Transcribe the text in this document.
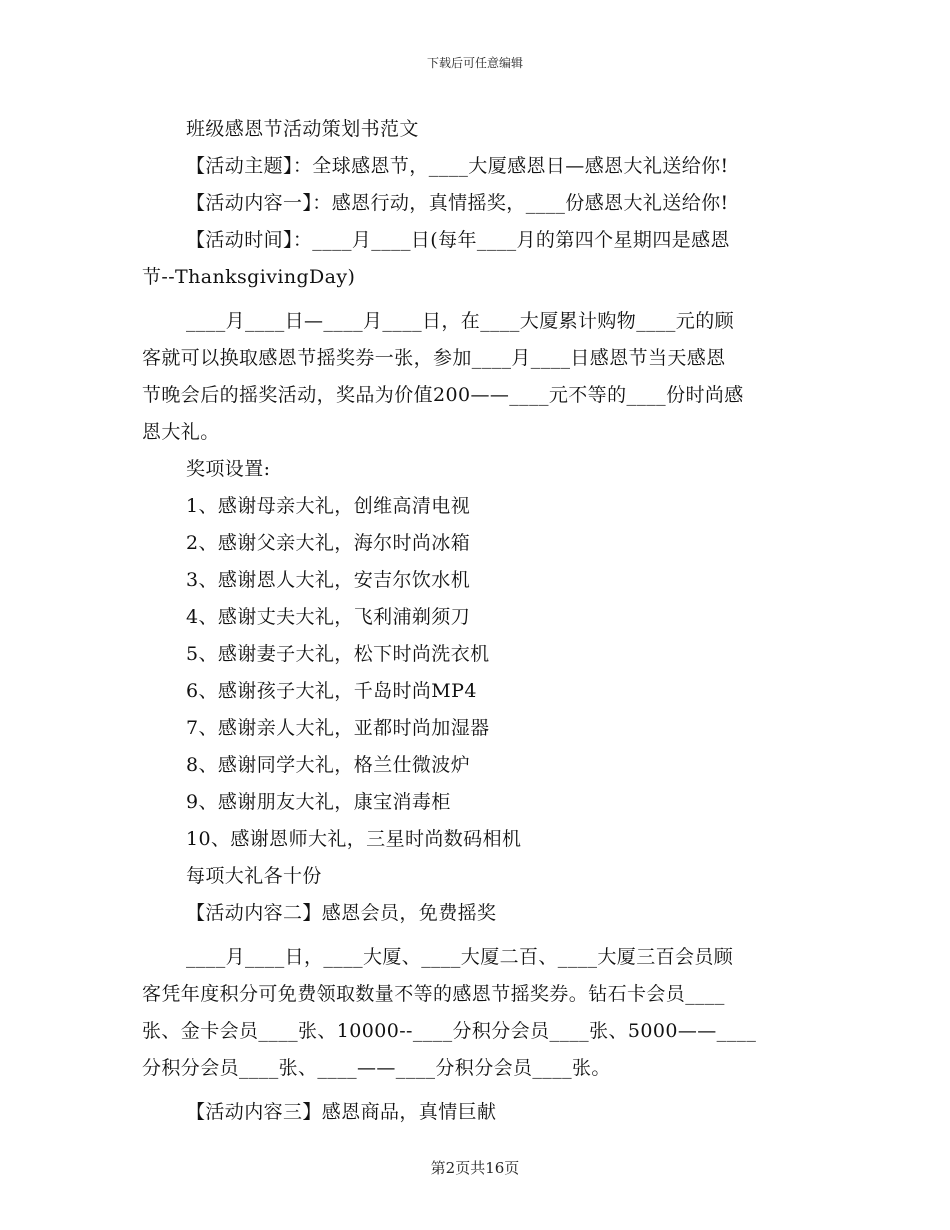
下载后可任意编辑
班级感恩节活动策划书范文
【活动主题】：全球感恩节，____大厦感恩日—感恩大礼送给你!
【活动内容一】：感恩行动，真情摇奖，____份感恩大礼送给你!
【活动时间】：____月____日(每年____月的第四个星期四是感恩
节--ThanksgivingDay)
____月____日—____月____日，在____大厦累计购物____元的顾
客就可以换取感恩节摇奖券一张，参加____月____日感恩节当天感恩
节晚会后的摇奖活动，奖品为价值200——____元不等的____份时尚感
恩大礼。
奖项设置:
1、感谢母亲大礼，创维高清电视
2、感谢父亲大礼，海尔时尚冰箱
3、感谢恩人大礼，安吉尔饮水机
4、感谢丈夫大礼，飞利浦剃须刀
5、感谢妻子大礼，松下时尚洗衣机
6、感谢孩子大礼，千岛时尚MP4
7、感谢亲人大礼，亚都时尚加湿器
8、感谢同学大礼，格兰仕微波炉
9、感谢朋友大礼，康宝消毒柜
10、感谢恩师大礼，三星时尚数码相机
每项大礼各十份
【活动内容二】感恩会员，免费摇奖
____月____日，____大厦、____大厦二百、____大厦三百会员顾
客凭年度积分可免费领取数量不等的感恩节摇奖券。钻石卡会员____
张、金卡会员____张、10000--____分积分会员____张、5000——____
分积分会员____张、____——____分积分会员____张。
【活动内容三】感恩商品，真情巨献
第2页共16页
